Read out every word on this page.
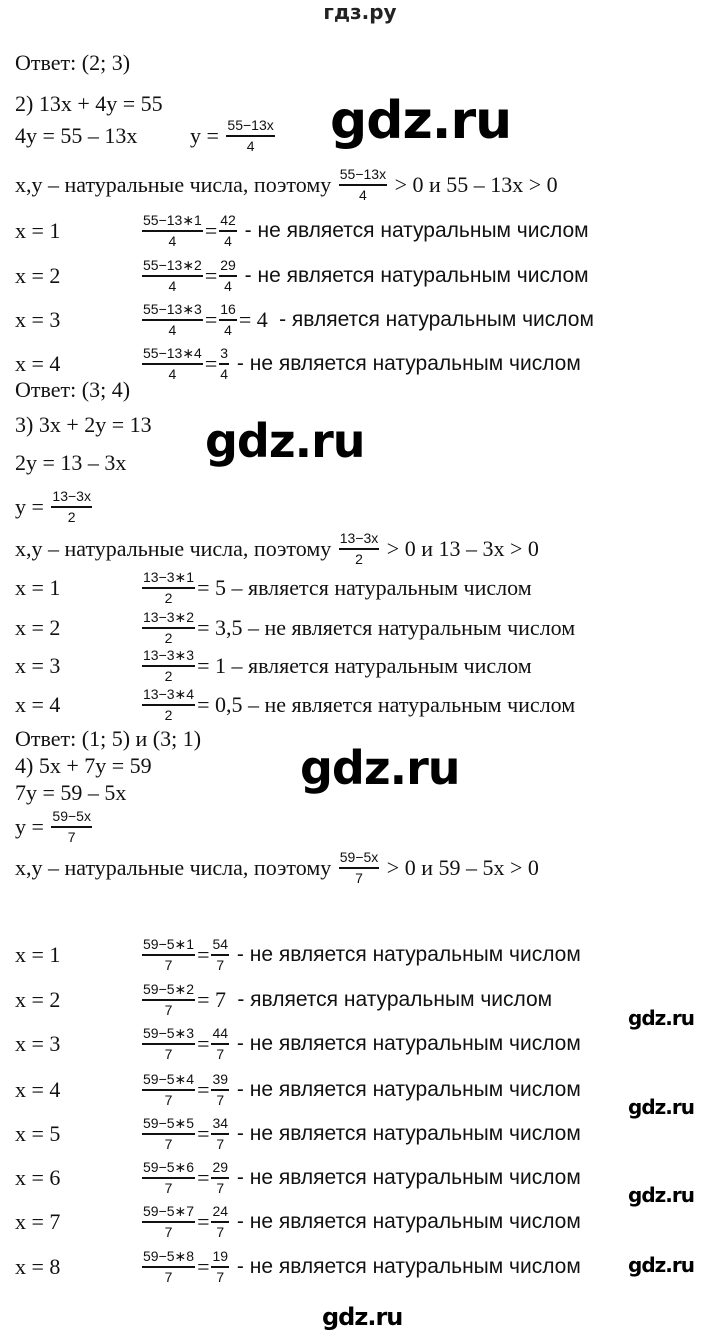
гдз.ру
Ответ: (2; 3)
2) 13x + 4y = 55
4y = 55 – 13x	$y = \frac{55-13x}{4}$
x,y – натуральные числа, поэтому $\frac{55-13x}{4} > 0$ и 55 – 13x > 0
x = 1	$\frac{55-13∗1}{4} = \frac{42}{4}$ - не является натуральным числом
x = 2	$\frac{55-13∗2}{4} = \frac{29}{4}$ - не является натуральным числом
x = 3	$\frac{55-13∗3}{4} = \frac{16}{4} = 4$ - является натуральным числом
x = 4	$\frac{55-13∗4}{4} = \frac{3}{4}$ - не является натуральным числом
Ответ: (3; 4)
3) 3x + 2y = 13
2y = 13 – 3x
$y = \frac{13-3x}{2}$
x,y – натуральные числа, поэтому $\frac{13-3x}{2} > 0$ и 13 – 3x > 0
x = 1	$\frac{13-3∗1}{2} = 5$ – является натуральным числом
x = 2	$\frac{13-3∗2}{2} = 3,5$ – не является натуральным числом
x = 3	$\frac{13-3∗3}{2} = 1$ – является натуральным числом
x = 4	$\frac{13-3∗4}{2} = 0,5$ – не является натуральным числом
Ответ: (1; 5) и (3; 1)
4) 5x + 7y = 59
7y = 59 – 5x
$y = \frac{59-5x}{7}$
x,y – натуральные числа, поэтому $\frac{59-5x}{7} > 0$ и 59 – 5x > 0
x = 1	$\frac{59-5∗1}{7} = \frac{54}{7}$ - не является натуральным числом
x = 2	$\frac{59-5∗2}{7} = 7$ - является натуральным числом
x = 3	$\frac{59-5∗3}{7} = \frac{44}{7}$ - не является натуральным числом
x = 4	$\frac{59-5∗4}{7} = \frac{39}{7}$ - не является натуральным числом
x = 5	$\frac{59-5∗5}{7} = \frac{34}{7}$ - не является натуральным числом
x = 6	$\frac{59-5∗6}{7} = \frac{29}{7}$ - не является натуральным числом
x = 7	$\frac{59-5∗7}{7} = \frac{24}{7}$ - не является натуральным числом
x = 8	$\frac{59-5∗8}{7} = \frac{19}{7}$ - не является натуральным числом
gdz.ru
gdz.ru
gdz.ru
gdz.ru
gdz.ru
gdz.ru
gdz.ru
gdz.ru
